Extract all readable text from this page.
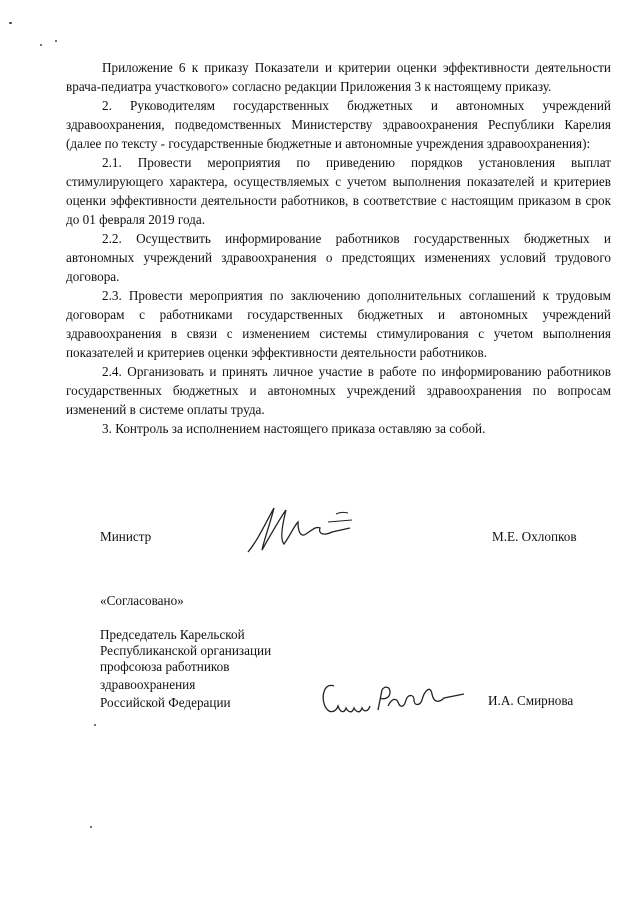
Приложение 6 к приказу Показатели и критерии оценки эффективности деятельности врача-педиатра участкового» согласно редакции Приложения 3 к настоящему приказу.

2. Руководителям государственных бюджетных и автономных учреждений здравоохранения, подведомственных Министерству здравоохранения Республики Карелия (далее по тексту - государственные бюджетные и автономные учреждения здравоохранения):

2.1. Провести мероприятия по приведению порядков установления выплат стимулирующего характера, осуществляемых с учетом выполнения показателей и критериев оценки эффективности деятельности работников, в соответствие с настоящим приказом в срок до 01 февраля 2019 года.

2.2. Осуществить информирование работников государственных бюджетных и автономных учреждений здравоохранения о предстоящих изменениях условий трудового договора.

2.3. Провести мероприятия по заключению дополнительных соглашений к трудовым договорам с работниками государственных бюджетных и автономных учреждений здравоохранения в связи с изменением системы стимулирования с учетом выполнения показателей и критериев оценки эффективности деятельности работников.

2.4. Организовать и принять личное участие в работе по информированию работников государственных бюджетных и автономных учреждений здравоохранения по вопросам изменений в системе оплаты труда.

3. Контроль за исполнением настоящего приказа оставляю за собой.

Министр	М.Е. Охлопков
«Согласовано»
Председатель Карельской
Республиканской организации
профсоюза работников
здравоохранения
Российской Федерации	И.А. Смирнова
